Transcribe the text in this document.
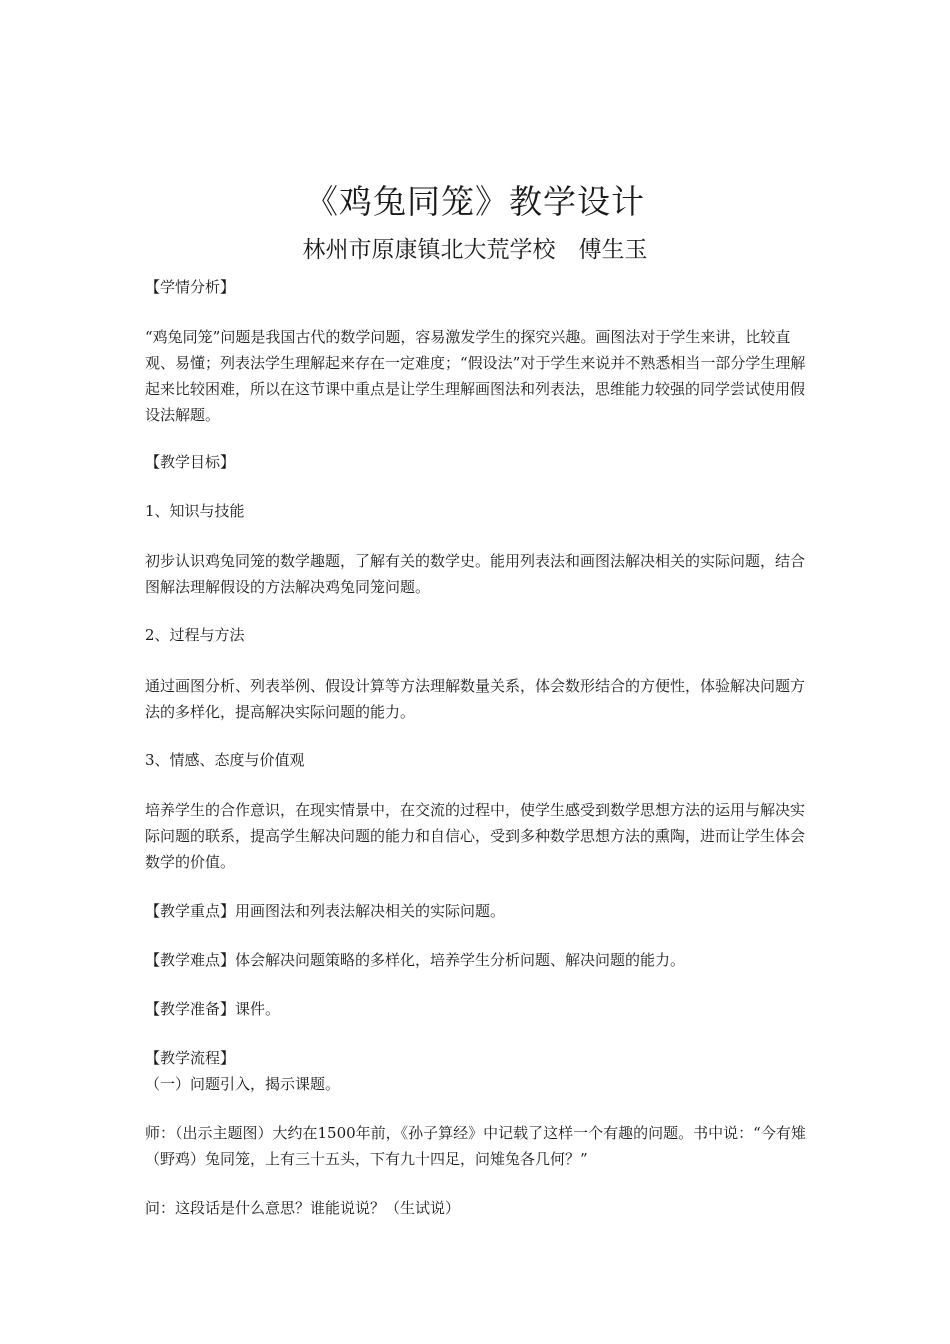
《鸡兔同笼》教学设计
林州市原康镇北大荒学校　傅生玉
【学情分析】
“鸡兔同笼”问题是我国古代的数学问题，容易激发学生的探究兴趣。画图法对于学生来讲，比较直观、易懂；列表法学生理解起来存在一定难度；“假设法”对于学生来说并不熟悉相当一部分学生理解起来比较困难，所以在这节课中重点是让学生理解画图法和列表法，思维能力较强的同学尝试使用假设法解题。
【教学目标】
1、知识与技能
初步认识鸡兔同笼的数学趣题，了解有关的数学史。能用列表法和画图法解决相关的实际问题，结合图解法理解假设的方法解决鸡兔同笼问题。
2、过程与方法
通过画图分析、列表举例、假设计算等方法理解数量关系，体会数形结合的方便性，体验解决问题方法的多样化，提高解决实际问题的能力。
3、情感、态度与价值观
培养学生的合作意识，在现实情景中，在交流的过程中，使学生感受到数学思想方法的运用与解决实际问题的联系，提高学生解决问题的能力和自信心，受到多种数学思想方法的熏陶，进而让学生体会数学的价值。
【教学重点】用画图法和列表法解决相关的实际问题。
【教学难点】体会解决问题策略的多样化，培养学生分析问题、解决问题的能力。
【教学准备】课件。
【教学流程】
（一）问题引入，揭示课题。
师：（出示主题图）大约在1500年前，《孙子算经》中记载了这样一个有趣的问题。书中说：“今有雉（野鸡）兔同笼，上有三十五头，下有九十四足，问雉兔各几何？”
问：这段话是什么意思？谁能说说？（生试说）
